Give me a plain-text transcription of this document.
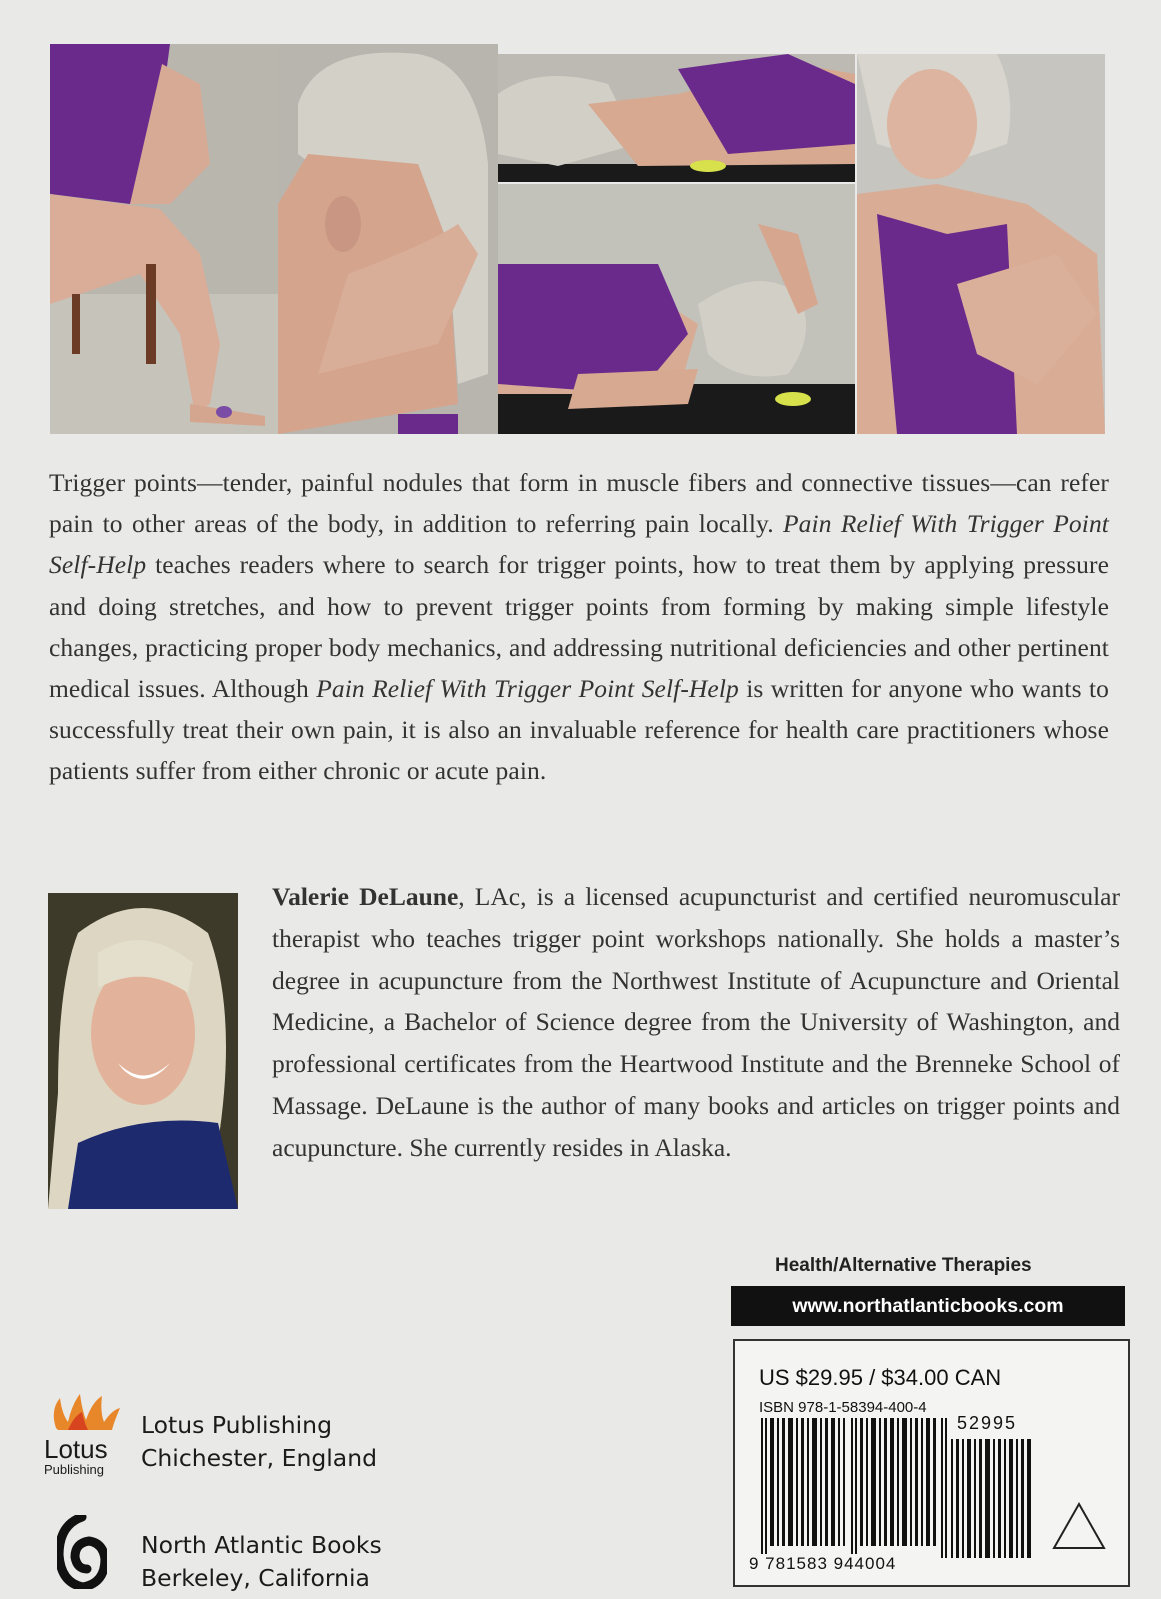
Trigger points—tender, painful nodules that form in muscle fibers and connective tissues—can refer pain to other areas of the body, in addition to referring pain locally. Pain Relief With Trigger Point Self-Help teaches readers where to search for trigger points, how to treat them by applying pressure and doing stretches, and how to prevent trigger points from forming by making simple lifestyle changes, practicing proper body mechanics, and addressing nutritional deficiencies and other pertinent medical issues. Although Pain Relief With Trigger Point Self-Help is written for anyone who wants to successfully treat their own pain, it is also an invaluable reference for health care practitioners whose patients suffer from either chronic or acute pain.
Valerie DeLaune, LAc, is a licensed acupuncturist and certified neuromuscular therapist who teaches trigger point workshops nationally. She holds a master’s degree in acupuncture from the Northwest Institute of Acupuncture and Oriental Medicine, a Bachelor of Science degree from the University of Washington, and professional certificates from the Heartwood Institute and the Brenneke School of Massage. DeLaune is the author of many books and articles on trigger points and acupuncture. She currently resides in Alaska.
Health/Alternative Therapies
www.northatlanticbooks.com
US $29.95 / $34.00 CAN
ISBN 978-1-58394-400-4
52995
9 781583 944004
Lotus
Publishing
Lotus Publishing
Chichester, England
North Atlantic Books
Berkeley, California
